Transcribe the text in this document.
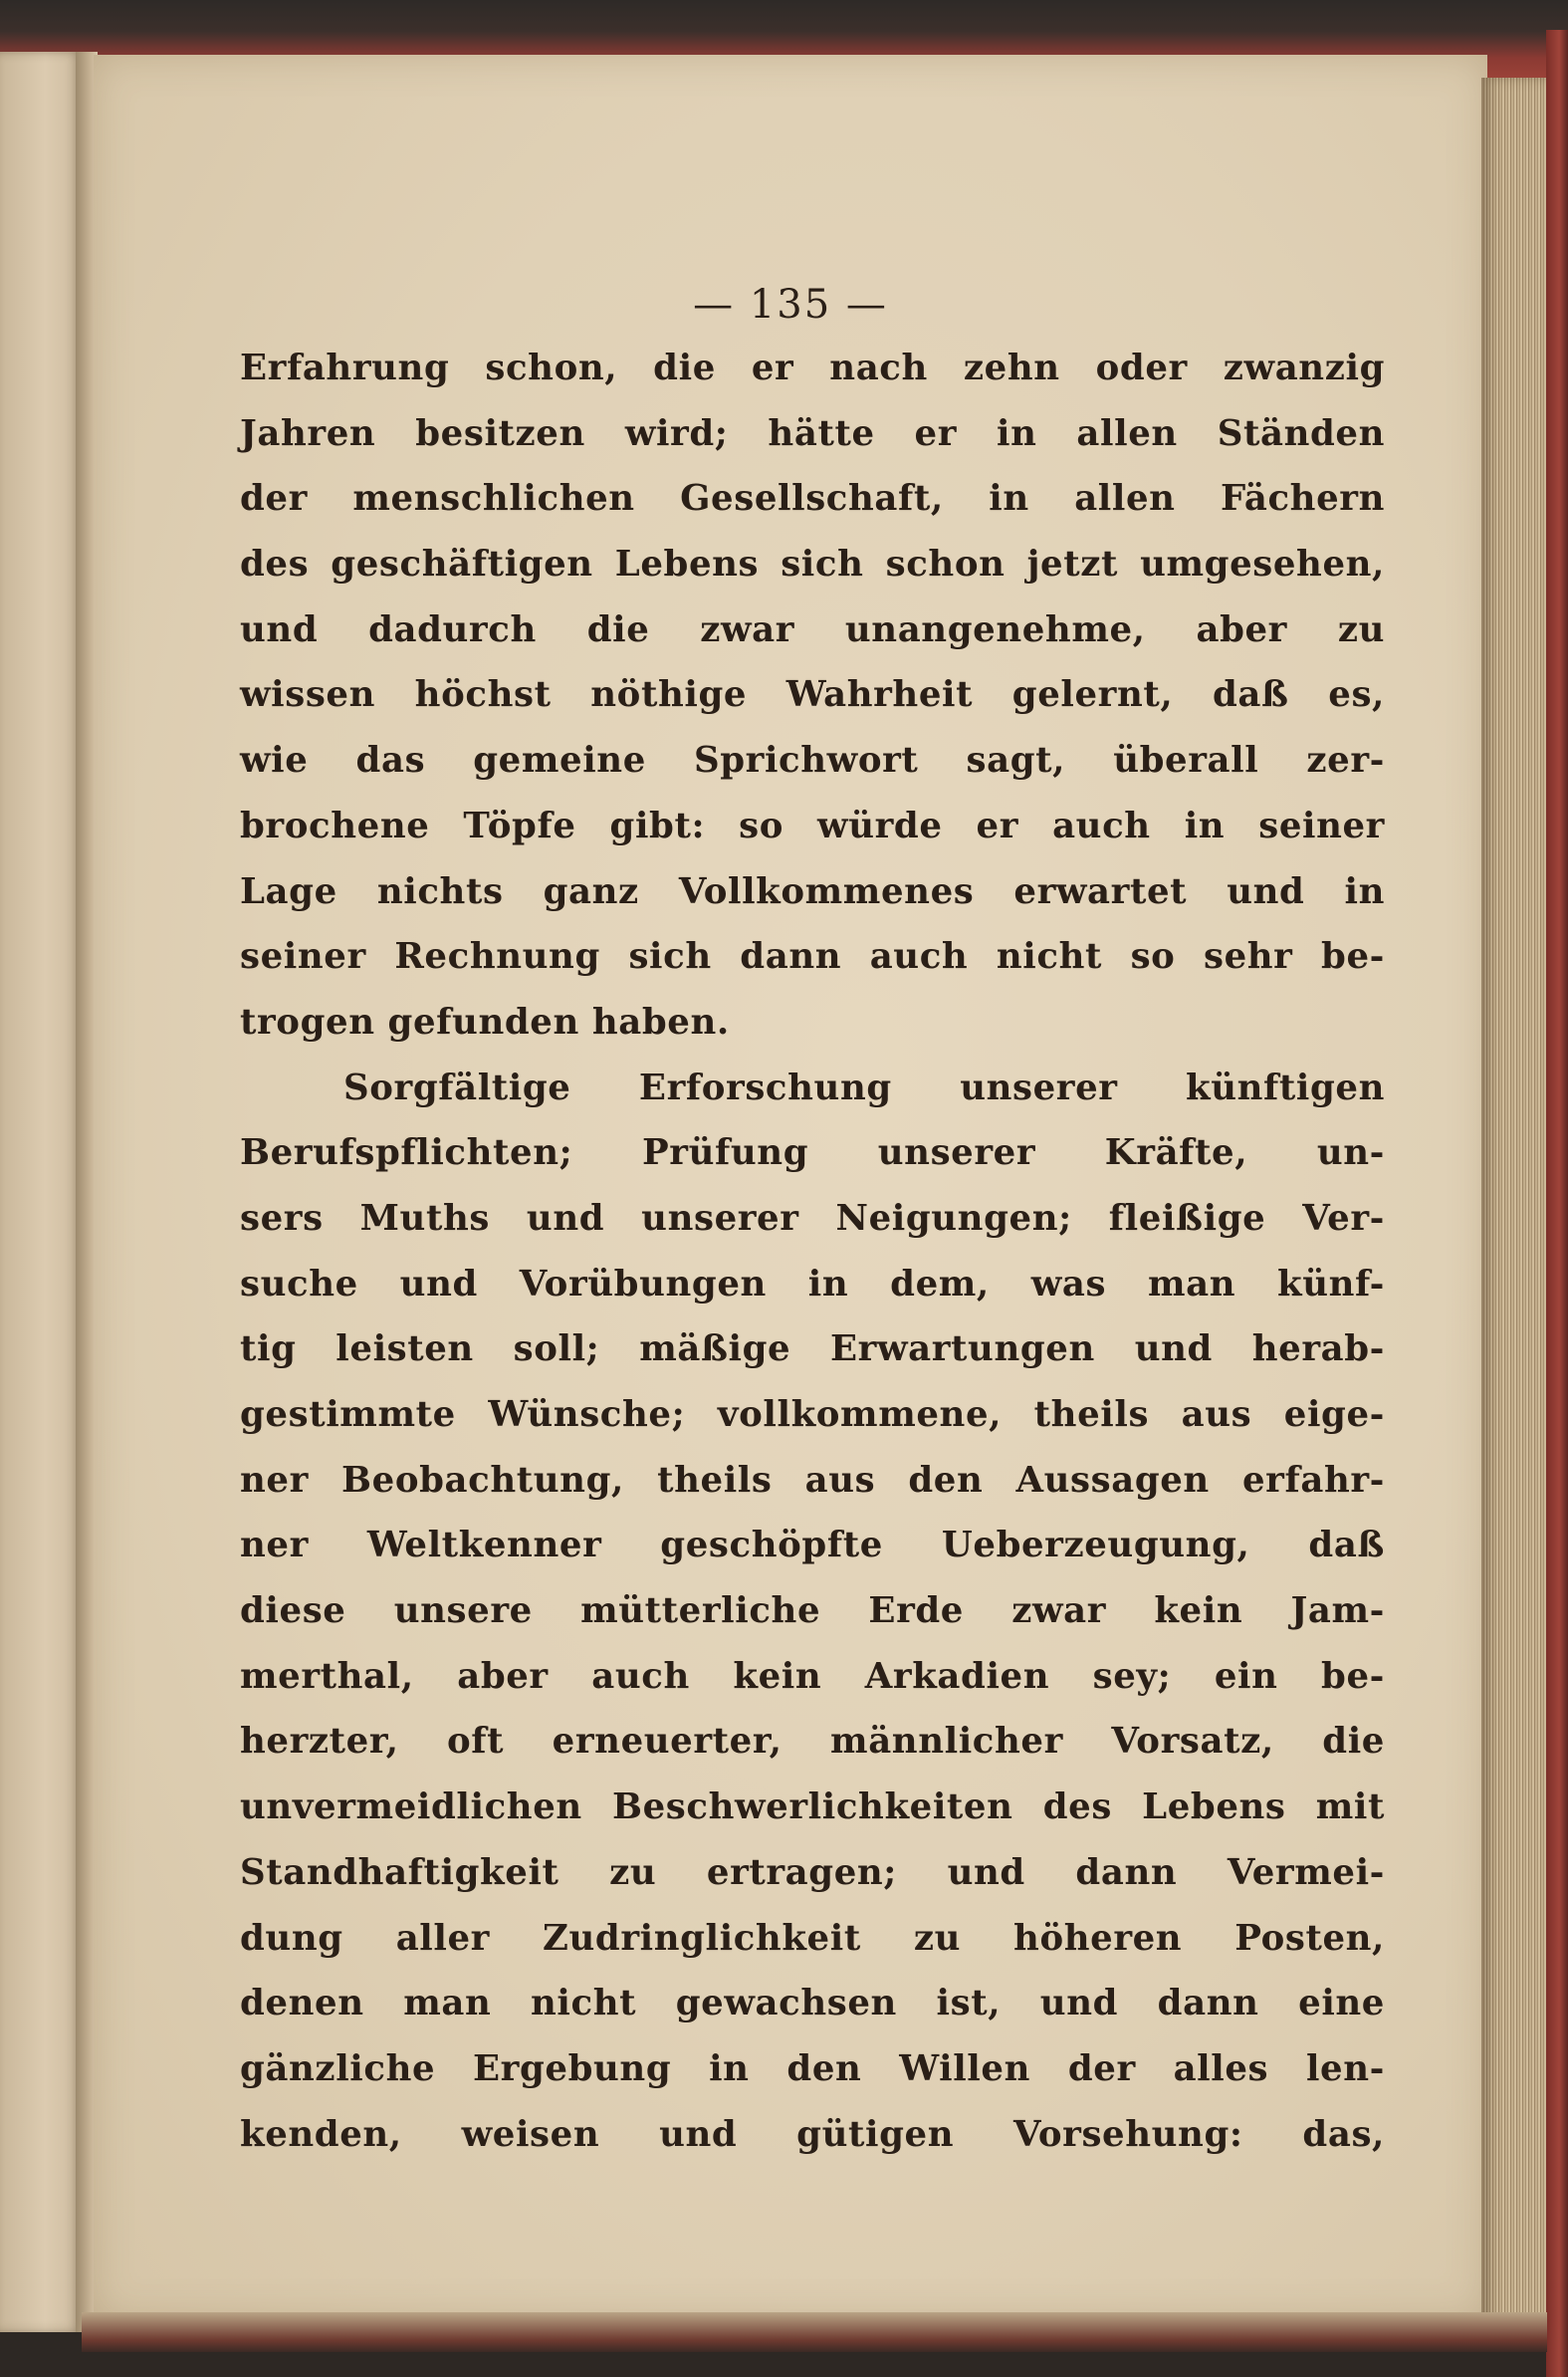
— 135 —
Erfahrung schon, die er nach zehn oder zwanzig
Jahren besitzen wird; hätte er in allen Ständen
der menschlichen Gesellschaft, in allen Fächern
des geschäftigen Lebens sich schon jetzt umgesehen,
und dadurch die zwar unangenehme, aber zu
wissen höchst nöthige Wahrheit gelernt, daß es,
wie das gemeine Sprichwort sagt, überall zer-
brochene Töpfe gibt: so würde er auch in seiner
Lage nichts ganz Vollkommenes erwartet und in
seiner Rechnung sich dann auch nicht so sehr be-
trogen gefunden haben.
Sorgfältige Erforschung unserer künftigen
Berufspflichten; Prüfung unserer Kräfte, un-
sers Muths und unserer Neigungen; fleißige Ver-
suche und Vorübungen in dem, was man künf-
tig leisten soll; mäßige Erwartungen und herab-
gestimmte Wünsche; vollkommene, theils aus eige-
ner Beobachtung, theils aus den Aussagen erfahr-
ner Weltkenner geschöpfte Ueberzeugung, daß
diese unsere mütterliche Erde zwar kein Jam-
merthal, aber auch kein Arkadien sey; ein be-
herzter, oft erneuerter, männlicher Vorsatz, die
unvermeidlichen Beschwerlichkeiten des Lebens mit
Standhaftigkeit zu ertragen; und dann Vermei-
dung aller Zudringlichkeit zu höheren Posten,
denen man nicht gewachsen ist, und dann eine
gänzliche Ergebung in den Willen der alles len-
kenden, weisen und gütigen Vorsehung: das,
